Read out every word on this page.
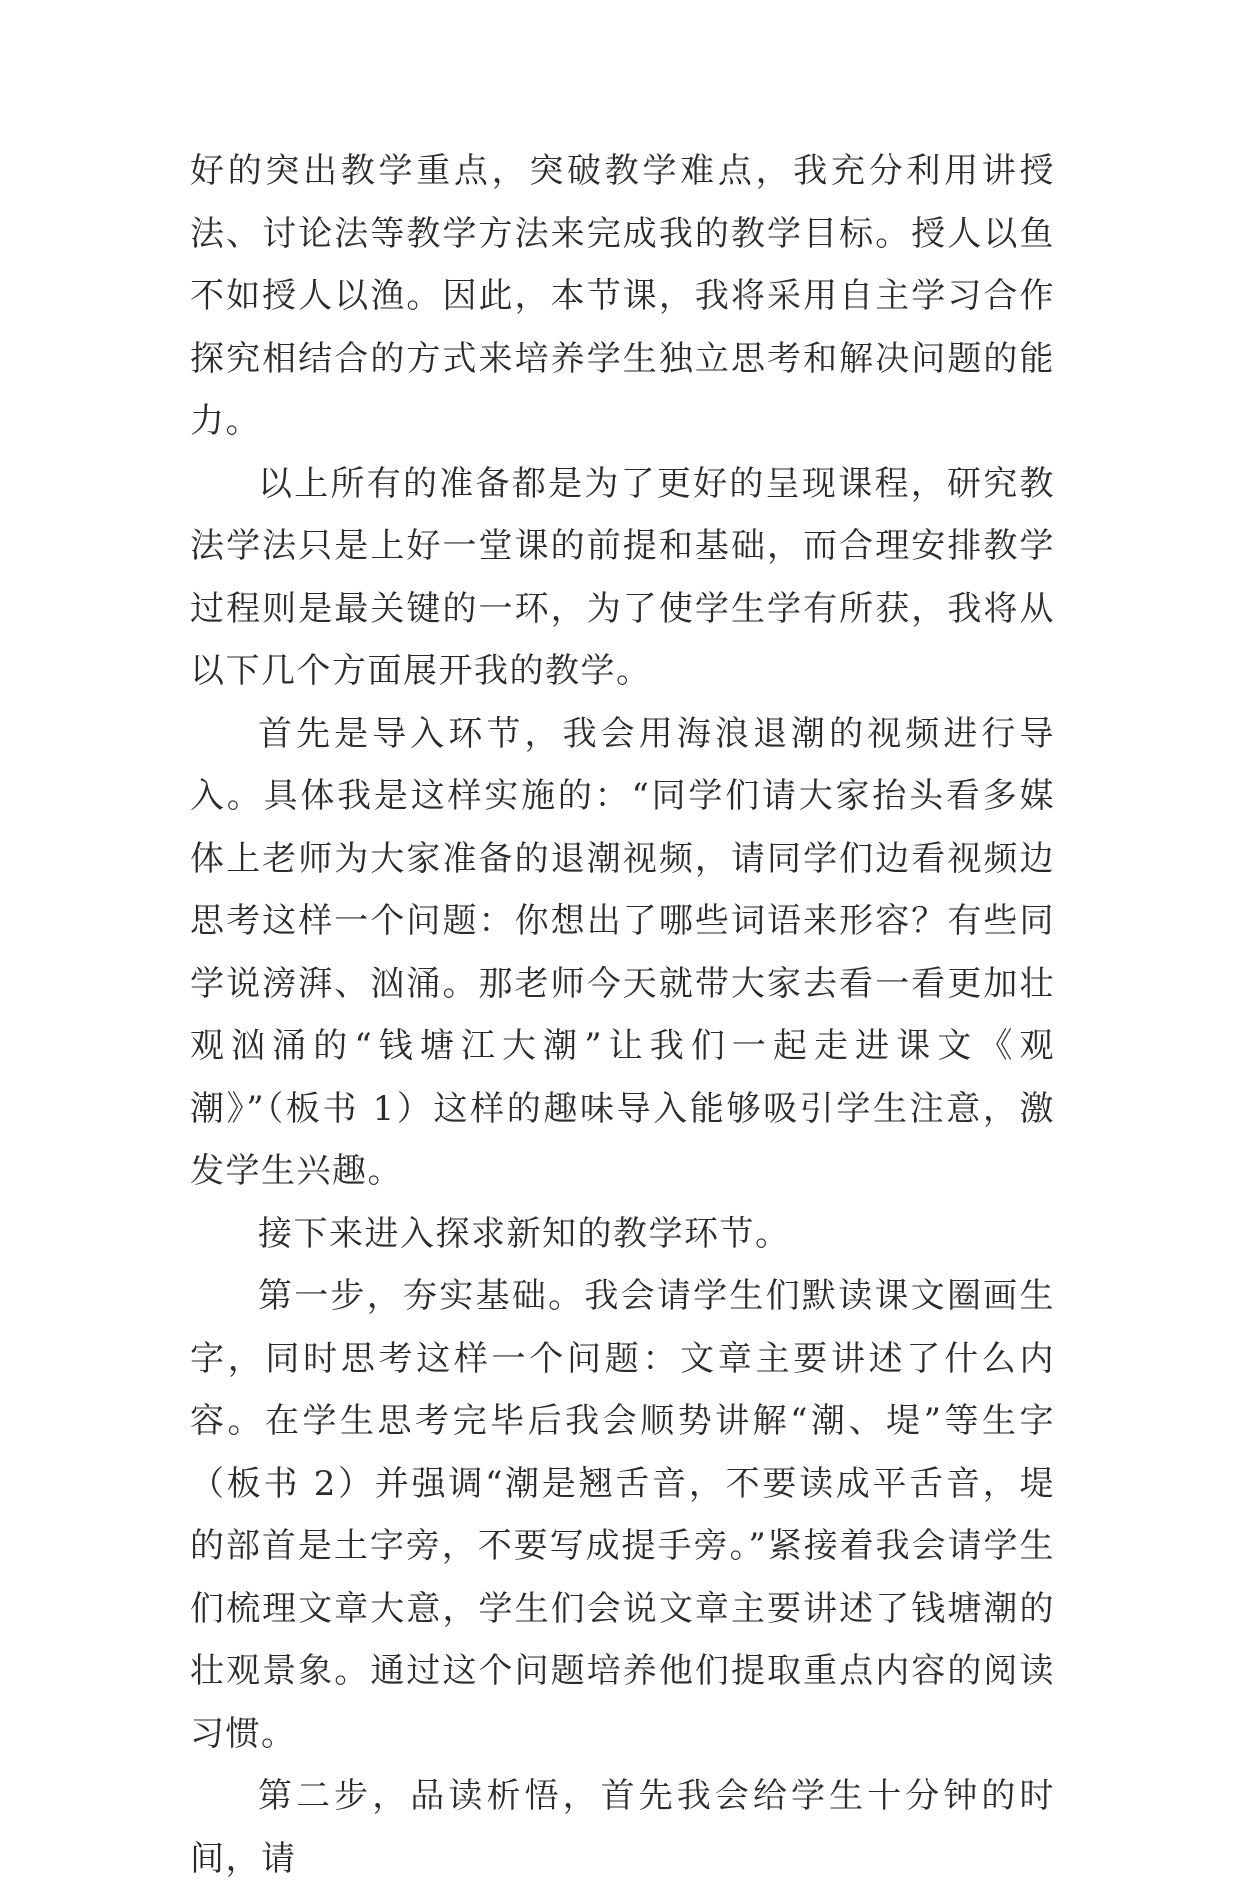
好的突出教学重点，突破教学难点，我充分利用讲授法、讨论法等教学方法来完成我的教学目标。授人以鱼不如授人以渔。因此，本节课，我将采用自主学习合作探究相结合的方式来培养学生独立思考和解决问题的能力。

以上所有的准备都是为了更好的呈现课程，研究教法学法只是上好一堂课的前提和基础，而合理安排教学过程则是最关键的一环，为了使学生学有所获，我将从以下几个方面展开我的教学。

首先是导入环节，我会用海浪退潮的视频进行导入。具体我是这样实施的：“同学们请大家抬头看多媒体上老师为大家准备的退潮视频，请同学们边看视频边思考这样一个问题：你想出了哪些词语来形容？有些同学说滂湃、汹涌。那老师今天就带大家去看一看更加壮观汹涌的“钱塘江大潮”让我们一起走进课文《观潮》”（板书 1）这样的趣味导入能够吸引学生注意，激发学生兴趣。

接下来进入探求新知的教学环节。

第一步，夯实基础。我会请学生们默读课文圈画生字，同时思考这样一个问题：文章主要讲述了什么内容。在学生思考完毕后我会顺势讲解“潮、堤”等生字（板书 2）并强调“潮是翘舌音，不要读成平舌音，堤的部首是土字旁，不要写成提手旁。”紧接着我会请学生们梳理文章大意，学生们会说文章主要讲述了钱塘潮的壮观景象。通过这个问题培养他们提取重点内容的阅读习惯。

第二步，品读析悟，首先我会给学生十分钟的时间，请
